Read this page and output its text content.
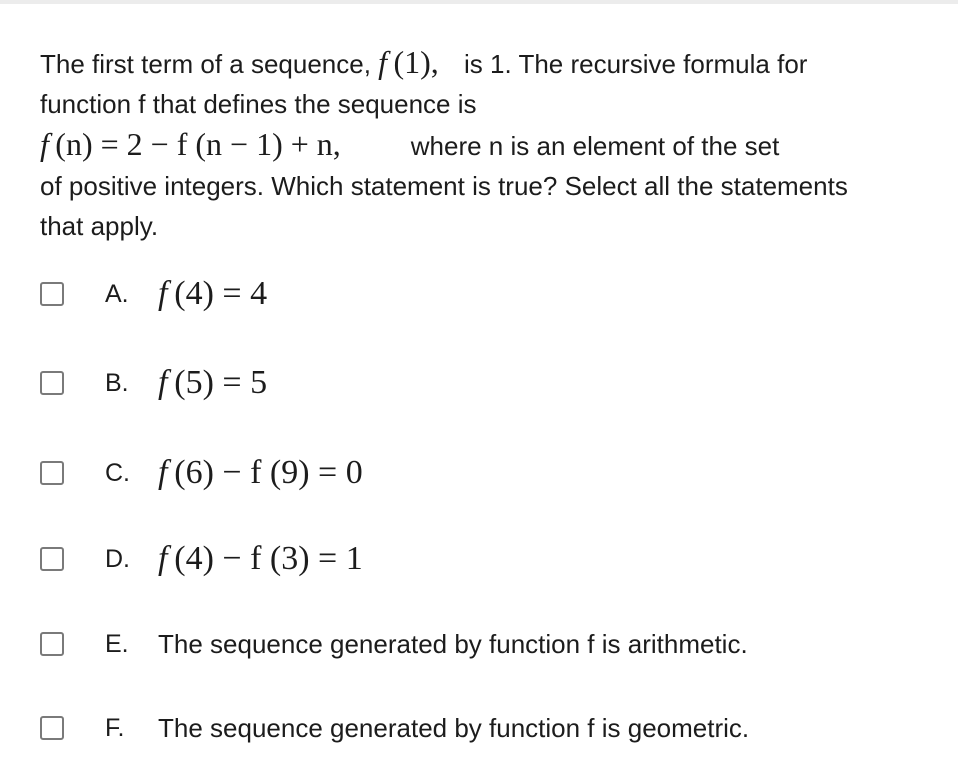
The first term of a sequence, f  (1), is 1. The recursive formula for
function f that defines the sequence is
f  (n) = 2 − f (n − 1) + n,	where n is an element of the set
of positive integers. Which statement is true? Select all the statements
that apply.
A. f  (4) = 4
B. f  (5) = 5
C. f  (6) − f (9) = 0
D. f  (4) − f (3) = 1
E. The sequence generated by function f is arithmetic.
F. The sequence generated by function f is geometric.
